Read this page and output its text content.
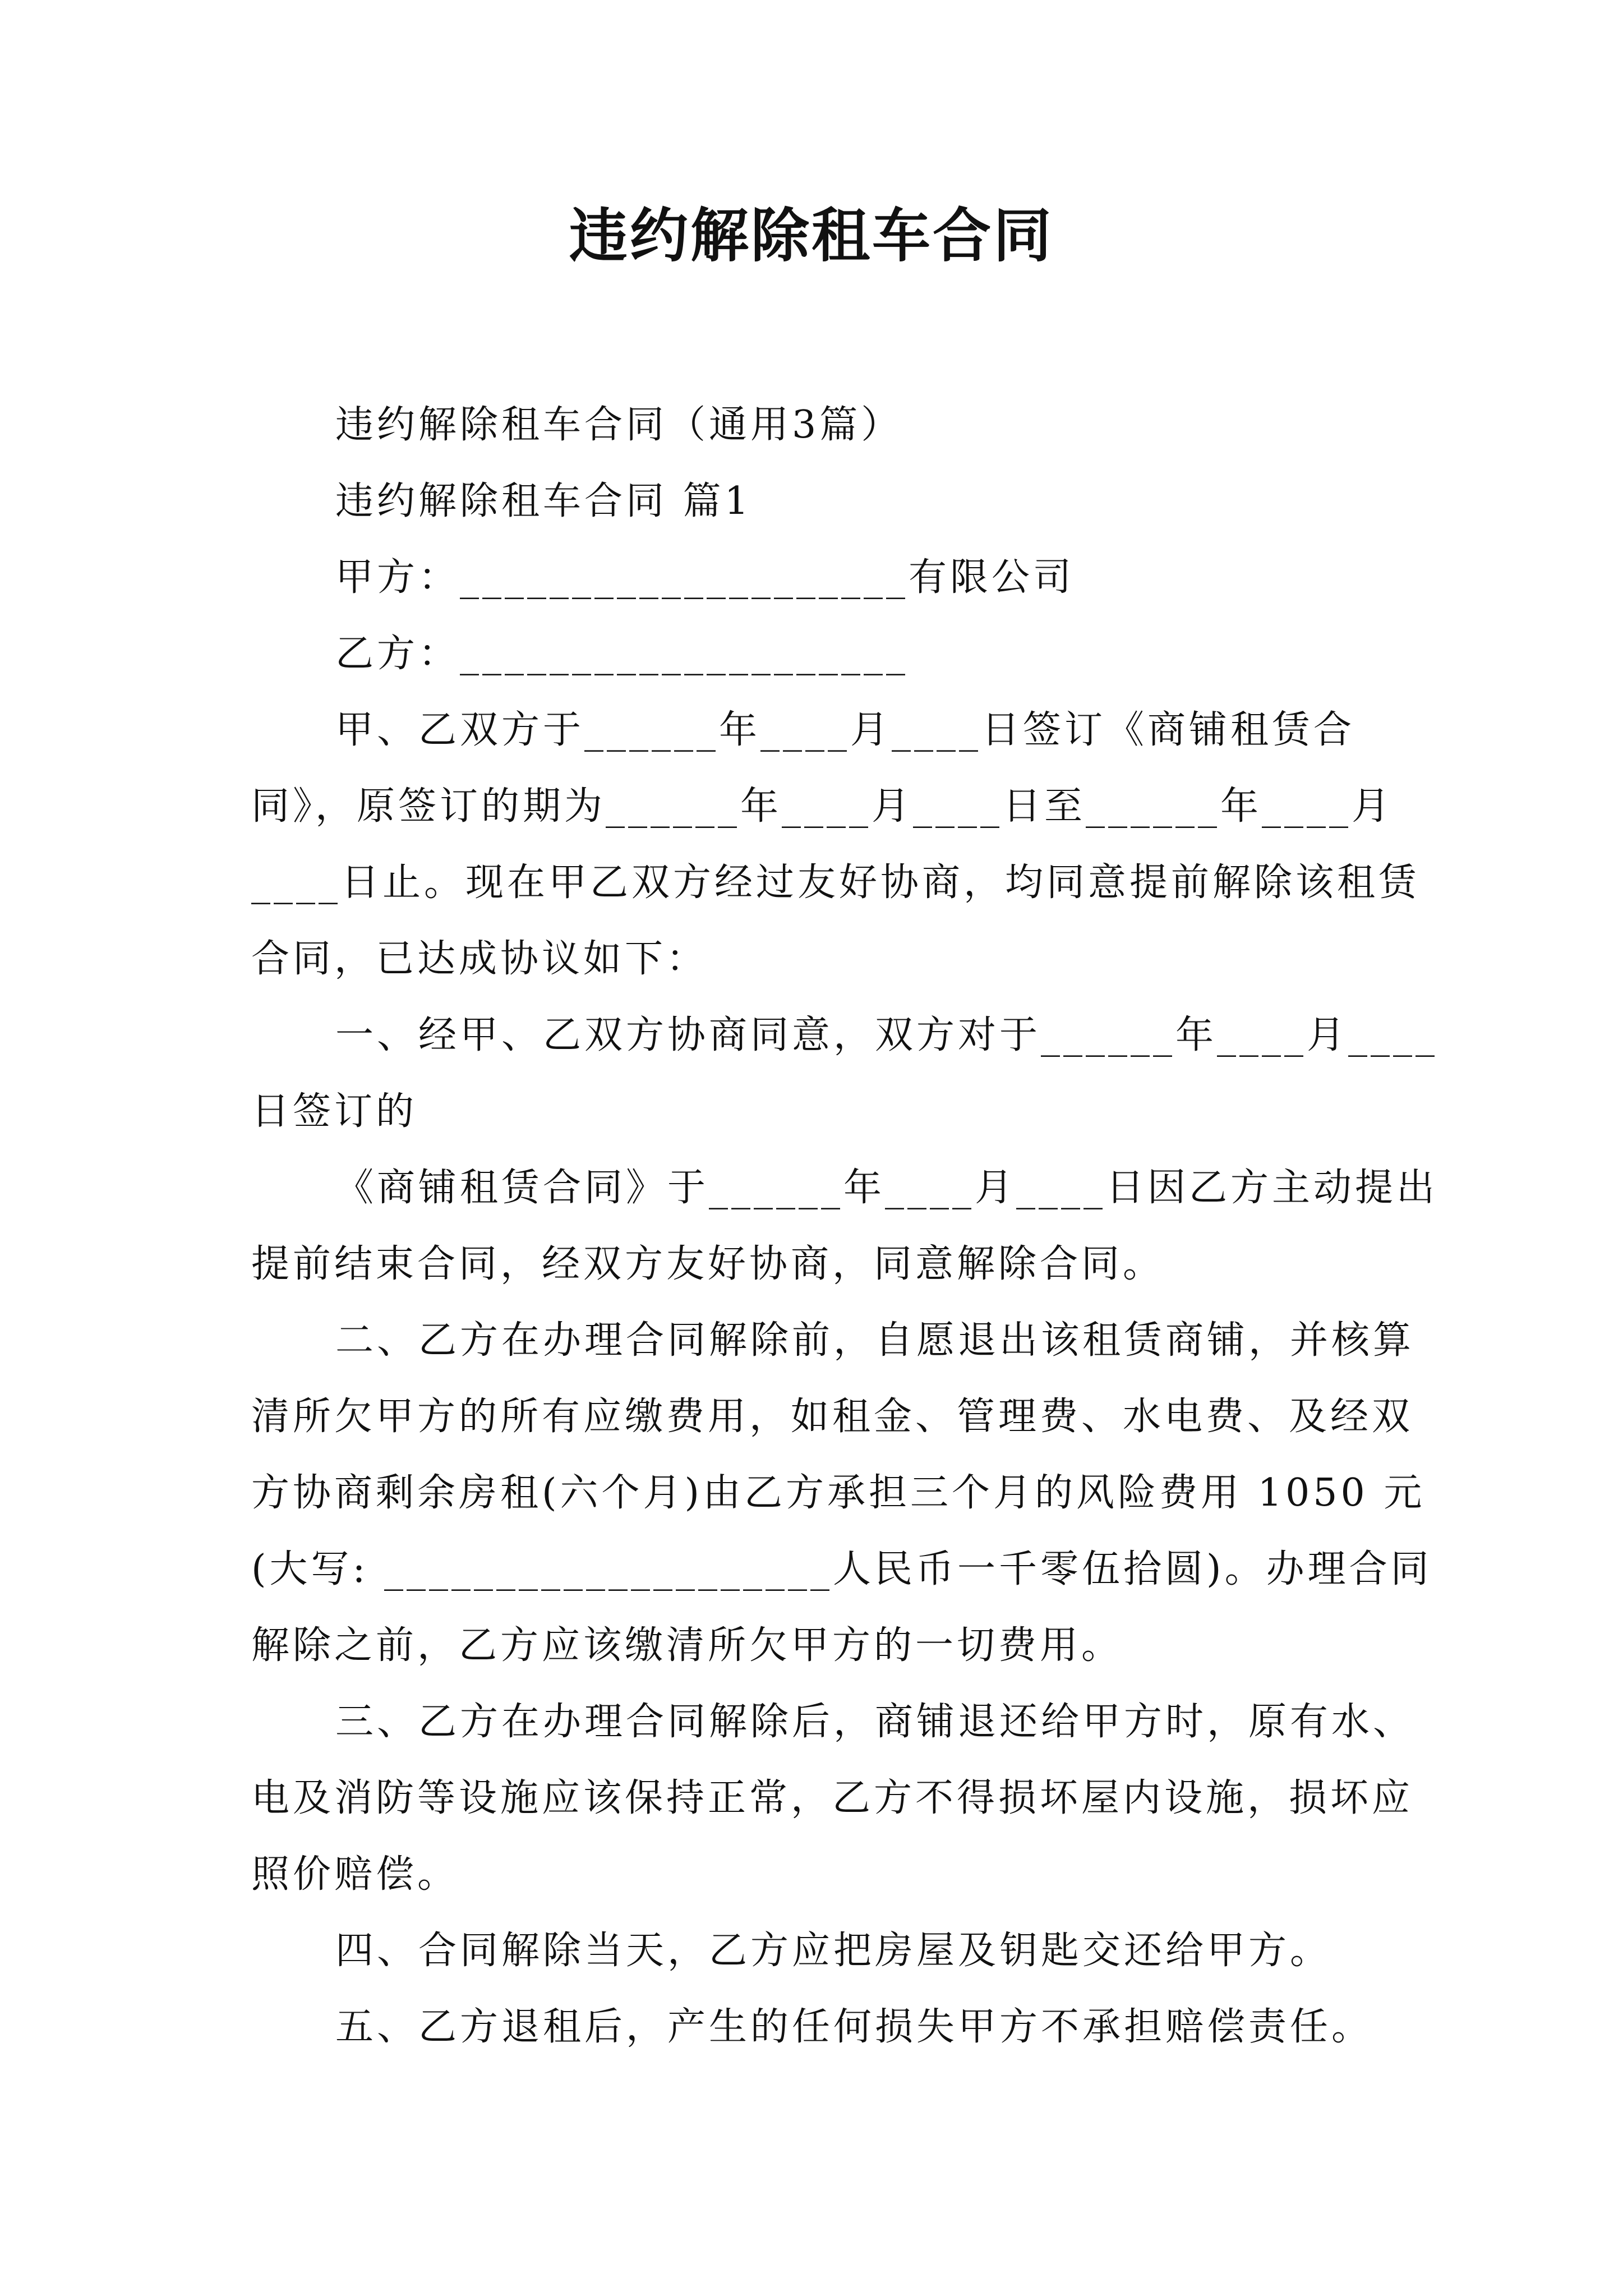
违约解除租车合同

违约解除租车合同（通用3篇）

违约解除租车合同 篇1

甲方：____________________有限公司

乙方：____________________

甲、乙双方于______年____月____日签订《商铺租赁合同》，原签订的期为______年____月____日至______年____月____日止。现在甲乙双方经过友好协商，均同意提前解除该租赁合同，已达成协议如下：

一、经甲、乙双方协商同意，双方对于______年____月____日签订的

《商铺租赁合同》于______年____月____日因乙方主动提出提前结束合同，经双方友好协商，同意解除合同。

二、乙方在办理合同解除前，自愿退出该租赁商铺，并核算清所欠甲方的所有应缴费用，如租金、管理费、水电费、及经双方协商剩余房租(六个月)由乙方承担三个月的风险费用 1050 元(大写: ____________________人民币一千零伍拾圆)。办理合同解除之前，乙方应该缴清所欠甲方的一切费用。

三、乙方在办理合同解除后，商铺退还给甲方时，原有水、电及消防等设施应该保持正常，乙方不得损坏屋内设施，损坏应照价赔偿。

四、合同解除当天，乙方应把房屋及钥匙交还给甲方。

五、乙方退租后，产生的任何损失甲方不承担赔偿责任。
